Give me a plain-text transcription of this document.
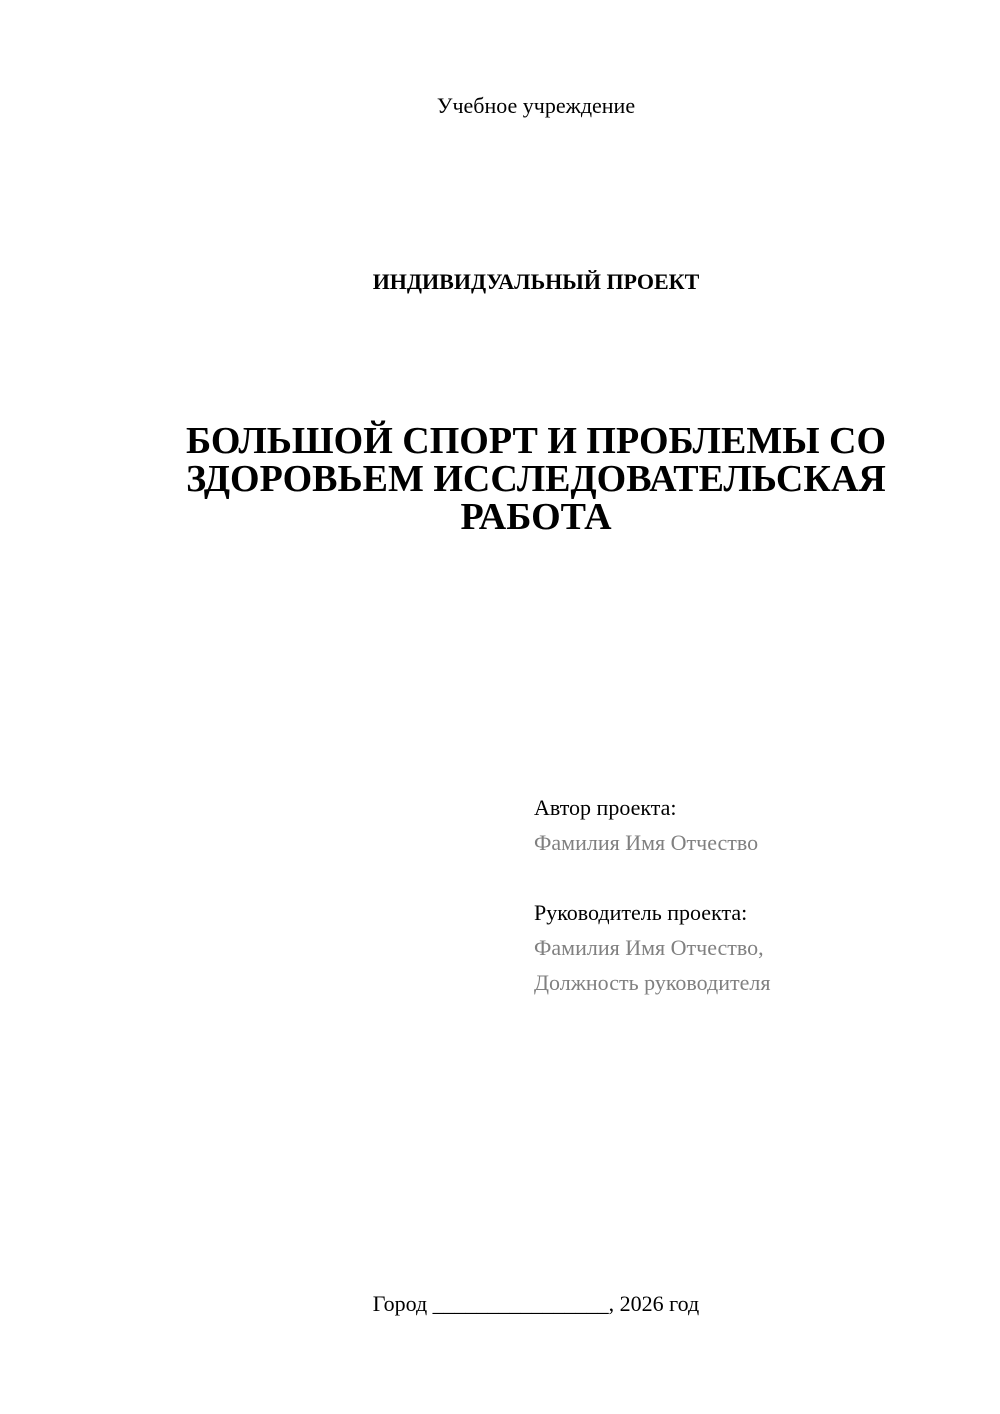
Учебное учреждение
ИНДИВИДУАЛЬНЫЙ ПРОЕКТ
БОЛЬШОЙ СПОРТ И ПРОБЛЕМЫ СО
ЗДОРОВЬЕМ ИССЛЕДОВАТЕЛЬСКАЯ
РАБОТА
Автор проекта:
Фамилия Имя Отчество
Руководитель проекта:
Фамилия Имя Отчество,
Должность руководителя
Город ________________, 2026 год
